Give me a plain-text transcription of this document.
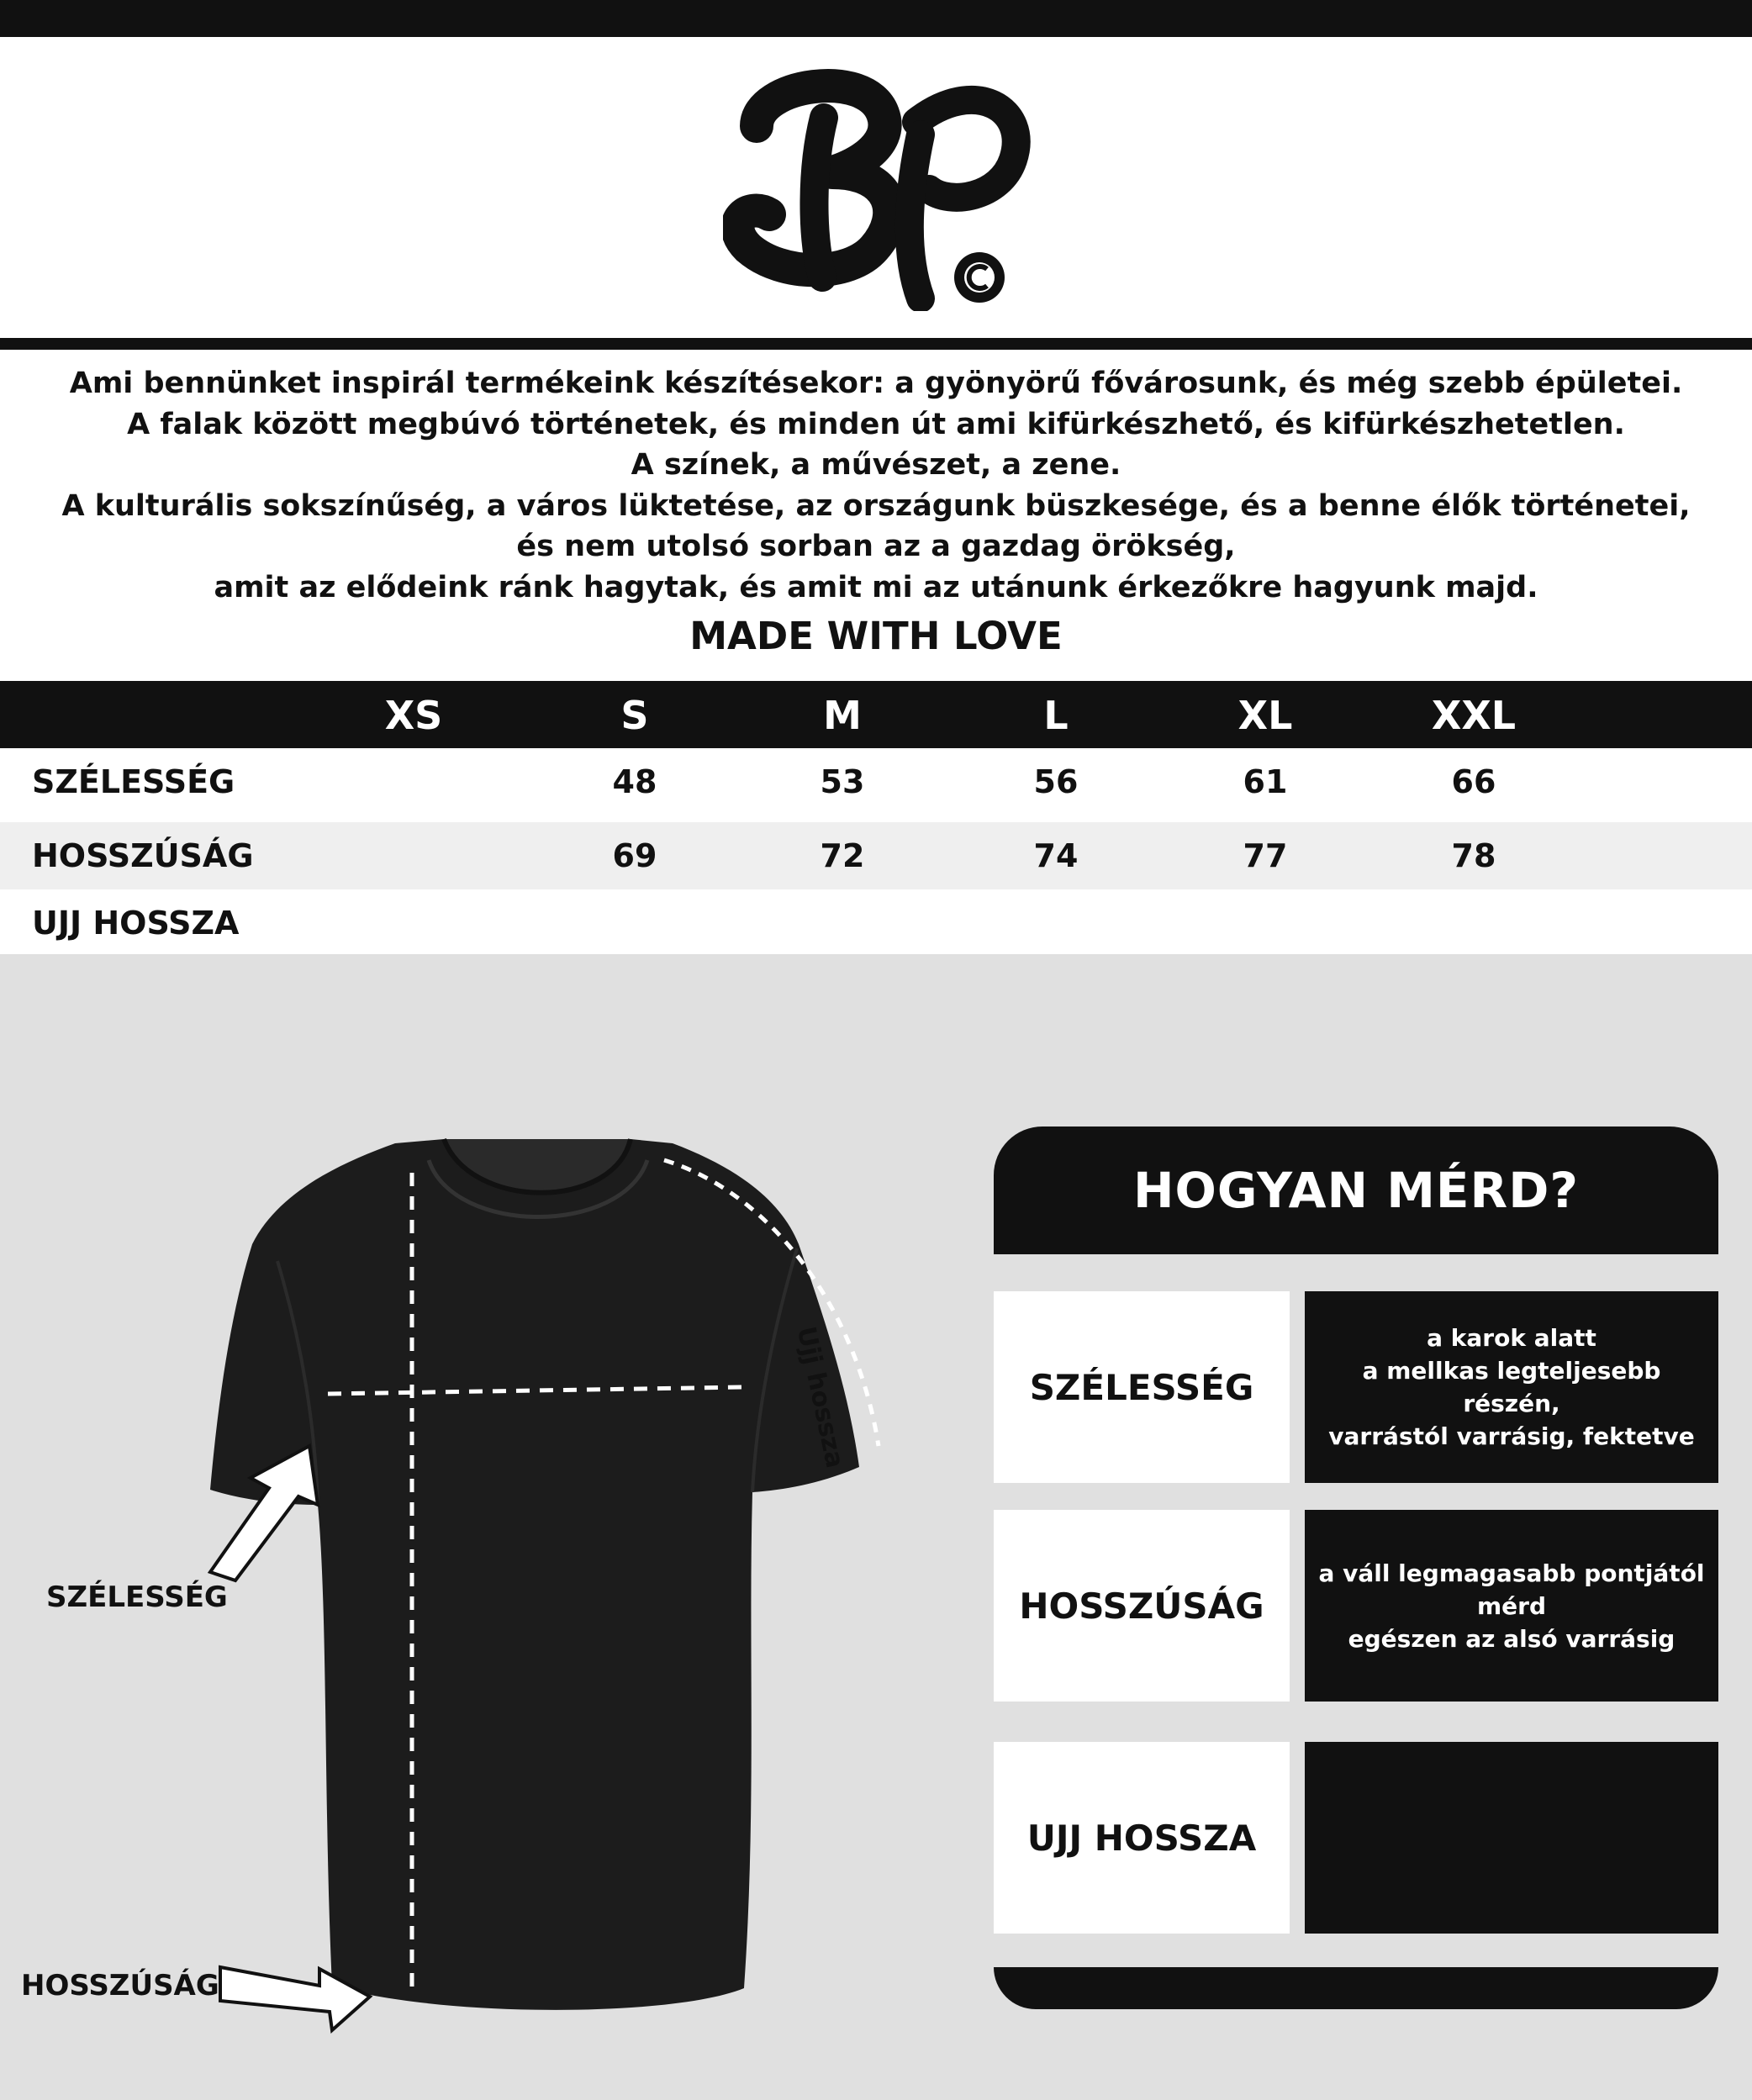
Ami bennünket inspirál termékeink készítésekor: a gyönyörű fővárosunk, és még szebb épületei.
A falak között megbúvó történetek, és minden út ami kifürkészhető, és kifürkészhetetlen.
A színek, a művészet, a zene.
A kulturális sokszínűség, a város lüktetése, az országunk büszkesége, és a benne élők történetei,
és nem utolsó sorban az a gazdag örökség,
amit az elődeink ránk hagytak, és amit mi az utánunk érkezőkre hagyunk majd.
MADE WITH LOVE
XS	S	M	L	XL	XXL
SZÉLESSÉG	48	53	56	61	66
HOSSZÚSÁG	69	72	74	77	78
UJJ HOSSZA
SZÉLESSÉG
HOSSZÚSÁG
Ujj hossza
HOGYAN MÉRD?
SZÉLESSÉG
a karok alatt
a mellkas legteljesebb részén,
varrástól varrásig, fektetve
HOSSZÚSÁG
a váll legmagasabb pontjától
mérd
egészen az alsó varrásig
UJJ HOSSZA
